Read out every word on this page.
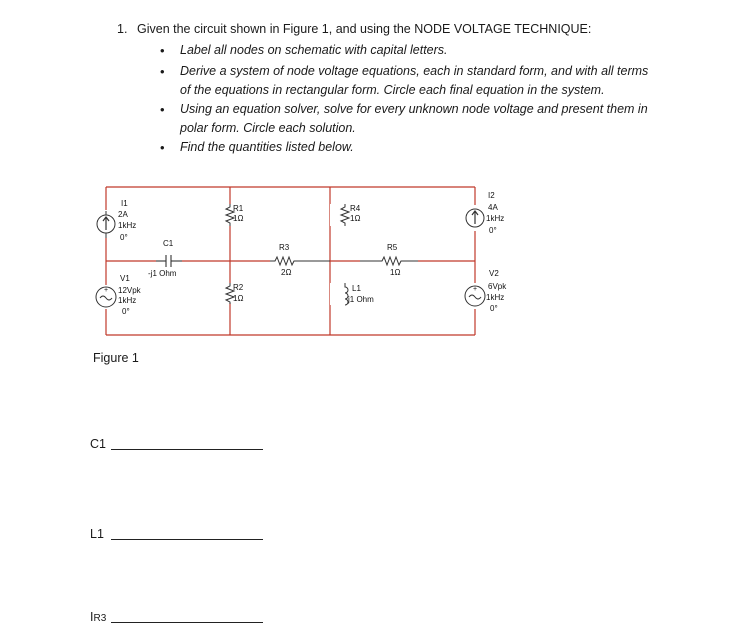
1. Given the circuit shown in Figure 1, and using the NODE VOLTAGE TECHNIQUE:
• Label all nodes on schematic with capital letters.
• Derive a system of node voltage equations, each in standard form, and with all terms of the equations in rectangular form. Circle each final equation in the system.
• Using an equation solver, solve for every unknown node voltage and present them in polar form. Circle each solution.
• Find the quantities listed below.
I1
2A
1kHz
0°
+
V1
12Vpk
1kHz
0°
C1
-j1 Ohm
R1
1Ω
R2
1Ω
R3
2Ω
R4
1Ω
R5
1Ω
L1
j1 Ohm
I2
4A
1kHz
0°
+
V2
6Vpk
1kHz
0°
Figure 1
C1
L1
IR3
